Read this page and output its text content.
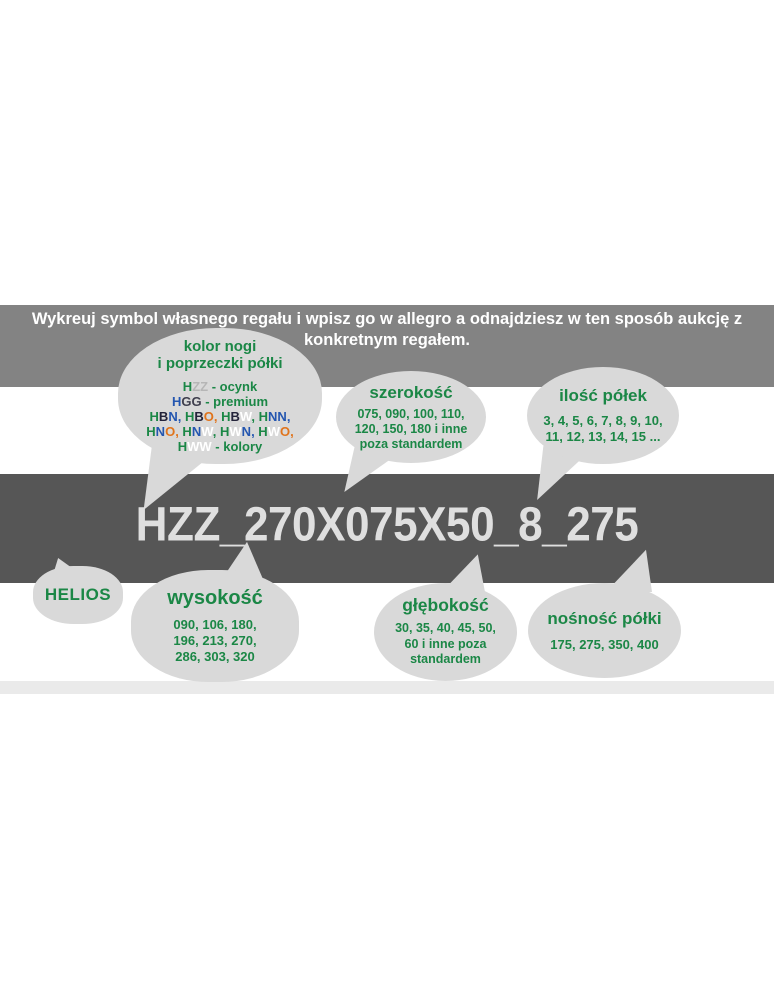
Wykreuj symbol własnego regału i wpisz go w allegro a odnajdziesz w ten sposób aukcję z konkretnym regałem.
HZZ_270X075X50_8_275
kolor nogi
i poprzeczki półki
HZZ - ocynk
HGG - premium
HBN, HBO, HBW, HNN,
HNO, HNW, HWN, HWO,
HWW - kolory
szerokość
075, 090, 100, 110,
120, 150, 180 i inne
poza standardem
ilość półek
3, 4, 5, 6, 7, 8, 9, 10,
11, 12, 13, 14, 15 ...
HELIOS	wysokość
090, 106, 180,
196, 213, 270,
286, 303, 320
głębokość
30, 35, 40, 45, 50,
60 i inne poza
standardem
nośność półki
175, 275, 350, 400
